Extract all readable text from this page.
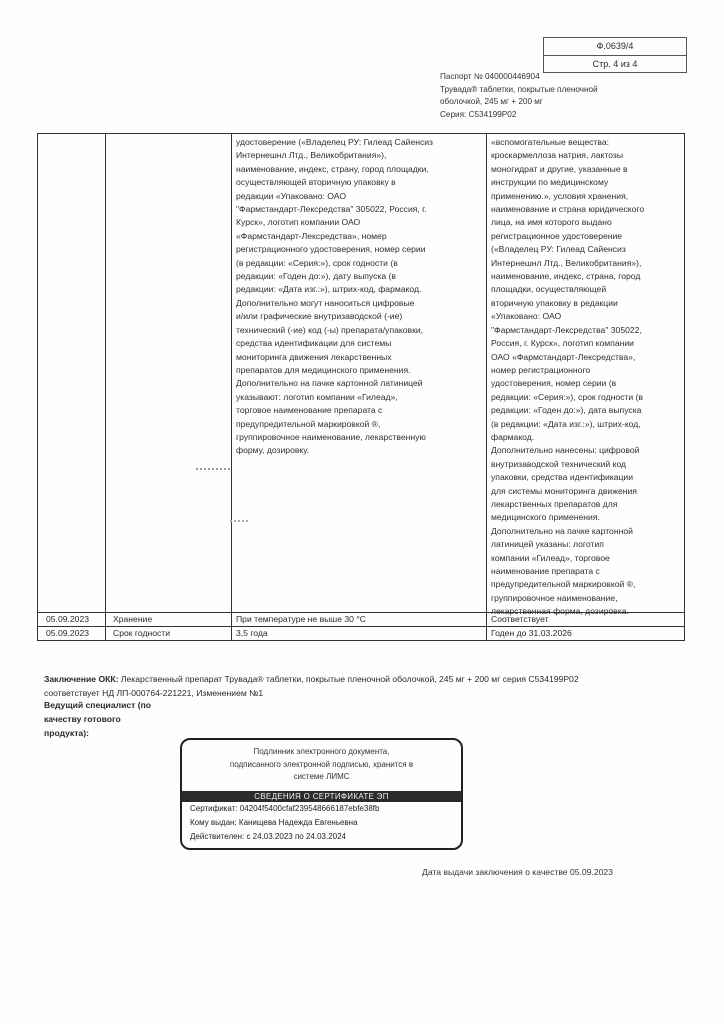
Ф.0639/4
Стр. 4 из 4
Паспорт № 040000446904
Трувада® таблетки, покрытые пленочной
оболочкой, 245 мг + 200 мг
Серия: C534199P02

удостоверение («Владелец РУ: Гилеад Сайенсиз
Интернешнл Лтд., Великобритания»),
наименование, индекс, страну, город площадки,
осуществляющей вторичную упаковку в
редакции «Упаковано: ОАО
"Фармстандарт-Лексредства" 305022, Россия, г.
Курск», логотип компании ОАО
«Фармстандарт-Лексредства», номер
регистрационного удостоверения, номер серии
(в редакции: «Серия:»), срок годности (в
редакции: «Годен до:»), дату выпуска (в
редакции: «Дата изг.:»), штрих-код, фармакод.
Дополнительно могут наноситься цифровые
и/или графические внутризаводской (-ие)
технический (-ие) код (-ы) препарата/упаковки,
средства идентификации для системы
мониторинга движения лекарственных
препаратов для медицинского применения.
Дополнительно на пачке картонной латиницей
указывают: логотип компании «Гилеад»,
торговое наименование препарата с
предупредительной маркировкой ®,
группировочное наименование, лекарственную
форму, дозировку.

«вспомогательные вещества:
кроскармеллоза натрия, лактозы
моногидрат и другие, указанные в
инструкции по медицинскому
применению.», условия хранения,
наименование и страна юридического
лица, на имя которого выдано
регистрационное удостоверение
(«Владелец РУ: Гилеад Сайенсиз
Интернешнл Лтд., Великобритания»),
наименование, индекс, страна, город
площадки, осуществляющей
вторичную упаковку в редакции
«Упаковано: ОАО
"Фармстандарт-Лексредства" 305022,
Россия, г. Курск», логотип компании
ОАО «Фармстандарт-Лексредства»,
номер регистрационного
удостоверения, номер серии (в
редакции: «Серия:»), срок годности (в
редакции: «Годен до:»), дата выпуска
(в редакции: «Дата изг.:»), штрих-код,
фармакод.
Дополнительно нанесены: цифровой
внутризаводской технический код
упаковки, средства идентификации
для системы мониторинга движения
лекарственных препаратов для
медицинского применения.
Дополнительно на пачке картонной
латиницей указаны: логотип
компании «Гилеад», торговое
наименование препарата с
предупредительной маркировкой ®,
группировочное наименование,
лекарственная форма, дозировка.

05.09.2023	Хранение	При температуре не выше 30 °С	Соответствует
05.09.2023	Срок годности	3,5 года	Годен до 31.03.2026
Заключение ОКК: Лекарственный препарат Трувада® таблетки, покрытые пленочной оболочкой, 245 мг + 200 мг серия C534199P02 соответствует НД ЛП-000764-221221, Изменением №1
Ведущий специалист (по
качеству готового
продукта):
Подлинник электронного документа,
подписанного электронной подписью, хранится в
системе ЛИМС
СВЕДЕНИЯ О СЕРТИФИКАТЕ ЭП
Сертификат: 04204f5400cfaf239548666187ebfe38fb
Кому выдан: Канищева Надежда Евгеньевна
Действителен: с 24.03.2023 по 24.03.2024
Дата выдачи заключения о качестве 05.09.2023
